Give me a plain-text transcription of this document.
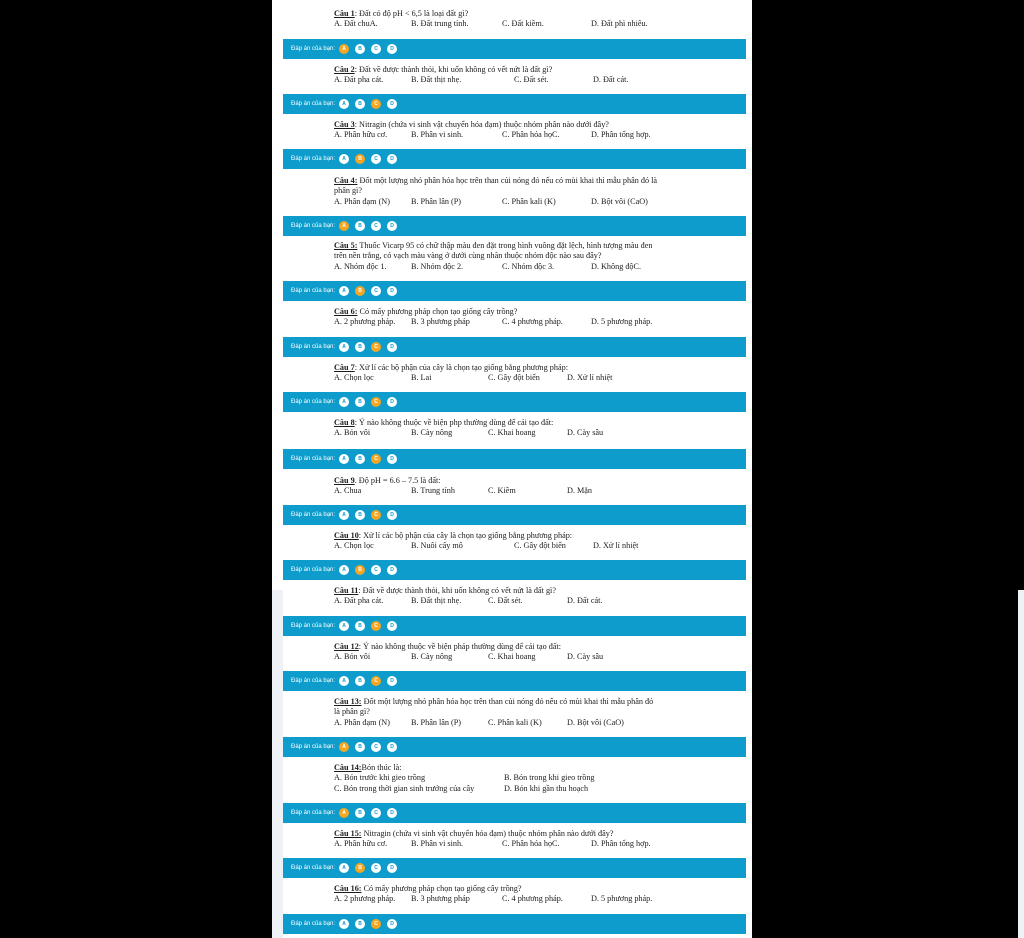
Câu 1: Đất có độ pH < 6,5 là loại đất gì?
A. Đất chuA.	B. Đất trung tính.	C. Đất kiềm.	D. Đất phì nhiêu.
Đáp án của bạn:	A	B	C	D
Câu 2: Đất về được thành thỏi, khi uốn không có vết nứt là đất gì?
A. Đất pha cát.	B. Đất thịt nhẹ.	C. Đất sét.	D. Đất cát.
Đáp án của bạn:	A	B	C	D
Câu 3: Nitragin (chứa vi sinh vật chuyển hóa đạm) thuộc nhóm phân nào dưới đây?
A. Phân hữu cơ.	B. Phân vi sinh.	C. Phân hóa họC.	D. Phân tổng hợp.
Đáp án của bạn:	A	B	C	D
Câu 4: Đốt một lượng nhỏ phân hóa học trên than củi nóng đỏ nếu có mùi khai thì mẫu phân đó là
phân gì?
A. Phân đạm (N)	B. Phân lân (P)	C. Phân kali (K)	D. Bột vôi (CaO)
Đáp án của bạn:	A	B	C	D
Câu 5: Thuốc Vicarp 95 có chữ thập màu đen đặt trong hình vuông đặt lệch, hình tượng màu đen
trên nền trắng, có vạch màu vàng ở dưới cùng nhãn thuộc nhóm độc nào sau đây?
A. Nhóm độc 1.	B. Nhóm độc 2.	C. Nhóm độc 3.	D. Không độC.
Đáp án của bạn:	A	B	C	D
Câu 6: Có mấy phương pháp chọn tạo giống cây trồng?
A. 2 phương pháp. B. 3 phương pháp	C. 4 phương pháp.	D. 5 phương pháp.
Đáp án của bạn:	A	B	C	D
Câu 7: Xử lí các bộ phận của cây là chọn tạo giống bằng phương pháp:
A. Chọn lọc	B. Lai	C. Gây đột biến	D. Xử lí nhiệt
Đáp án của bạn:	A	B	C	D
Câu 8: Ý nào không thuộc về biện php thường dùng để cải tạo đất:
A. Bón vôi	B. Cày nông	C. Khai hoang	D. Cày sâu
Đáp án của bạn:	A	B	C	D
Câu 9. Độ pH = 6.6 – 7.5 là đất:
A. Chua	B. Trung tính	C. Kiềm	D. Mặn
Đáp án của bạn:	A	B	C	D
Câu 10: Xử lí các bộ phận của cây là chọn tạo giống bằng phương pháp:
A. Chọn lọc	B. Nuôi cấy mô	C. Gây đột biến	D. Xử lí nhiệt
Đáp án của bạn:	A	B	C	D
Câu 11: Đất về được thành thỏi, khi uốn không có vết nứt là đất gì?
A. Đất pha cát.	B. Đất thịt nhẹ.	C. Đất sét.	D. Đất cát.
Đáp án của bạn:	A	B	C	D
Câu 12: Ý nào không thuộc về biện pháp thường dùng để cải tạo đất:
A. Bón vôi	B. Cày nông	C. Khai hoang	D. Cày sâu
Đáp án của bạn:	A	B	C	D
Câu 13: Đốt một lượng nhỏ phân hóa học trên than củi nóng đỏ nếu có mùi khai thì mẫu phân đó
là phân gì?
A. Phân đạm (N)	B. Phân lân (P)	C. Phân kali (K)	D. Bột vôi (CaO)
Đáp án của bạn:	A	B	C	D
Câu 14:Bón thúc là:
A. Bón trước khi gieo trồng	B. Bón trong khi gieo trồng
C. Bón trong thời gian sinh trưởng của cây	D. Bón khi gần thu hoạch
Đáp án của bạn:	A	B	C	D
Câu 15: Nitragin (chứa vi sinh vật chuyển hóa đạm) thuộc nhóm phân nào dưới đây?
A. Phân hữu cơ.	B. Phân vi sinh.	C. Phân hóa họC.	D. Phân tổng hợp.
Đáp án của bạn:	A	B	C	D
Câu 16: Có mấy phương pháp chọn tạo giống cây trồng?
A. 2 phương pháp. B. 3 phương pháp	C. 4 phương pháp.	D. 5 phương pháp.
Đáp án của bạn:	A	B	C	D
